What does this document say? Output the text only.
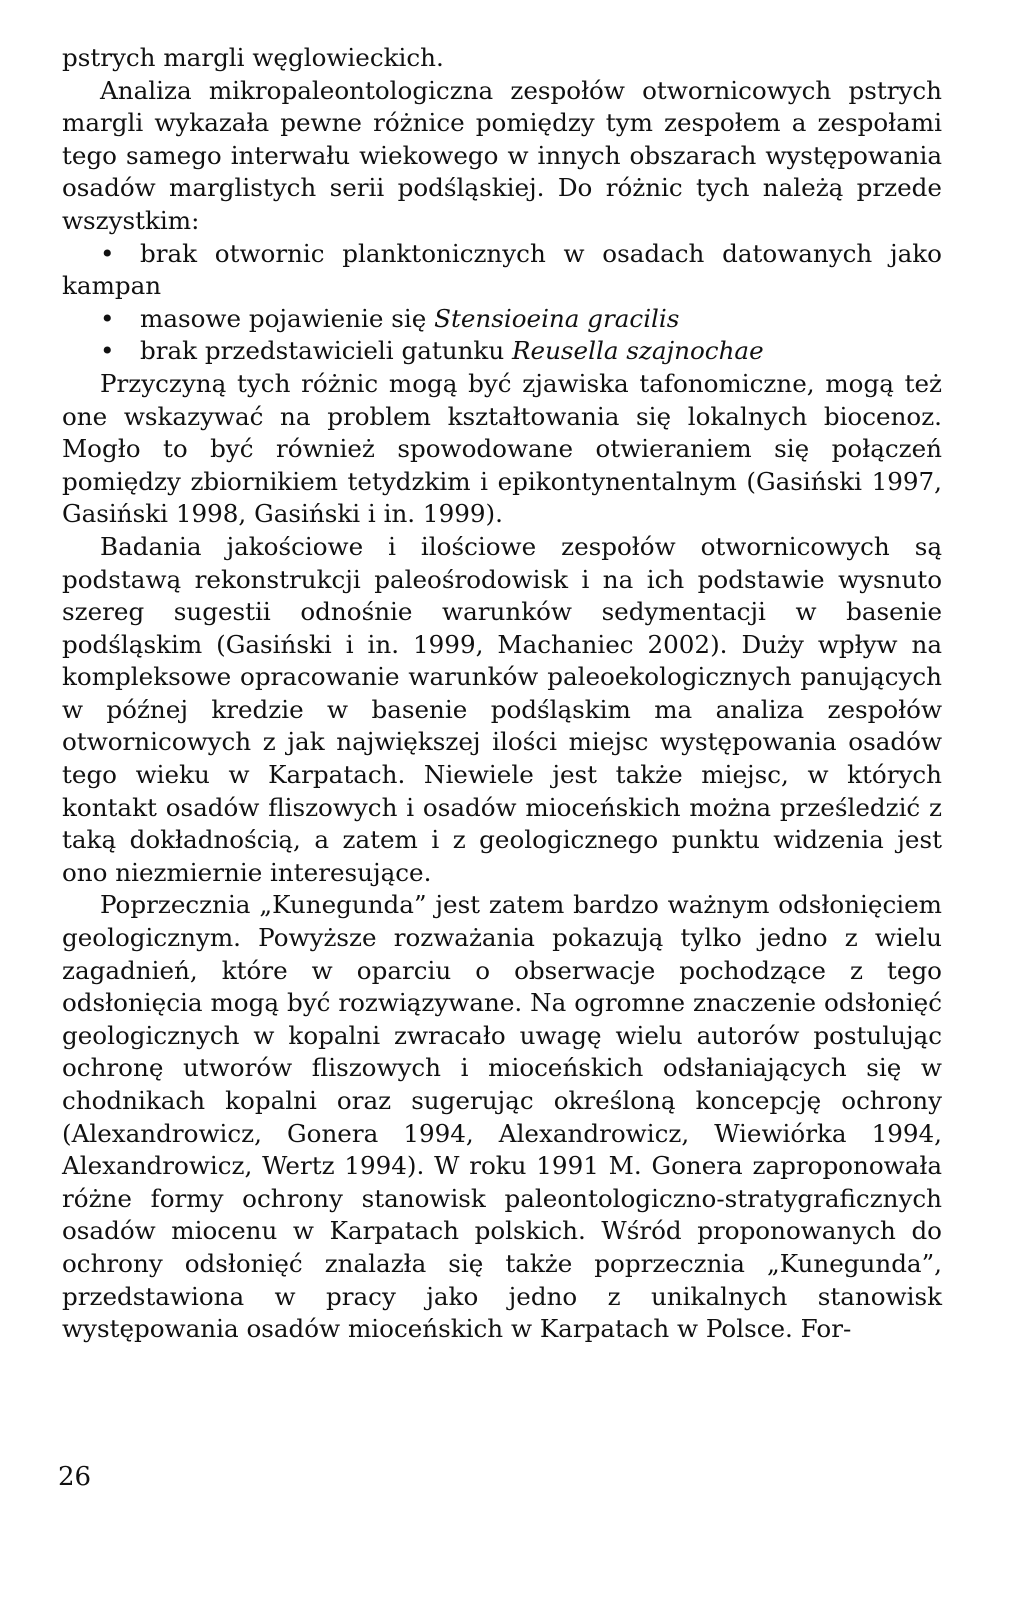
pstrych margli węglowieckich.

Analiza mikropaleontologiczna zespołów otwornicowych pstrych margli wykazała pewne różnice pomiędzy tym zespołem a zespołami tego samego interwału wiekowego w innych obszarach występowania osadów marglistych serii podśląskiej. Do różnic tych należą przede wszystkim:

• brak otwornic planktonicznych w osadach datowanych jako kampan

• masowe pojawienie się Stensioeina gracilis

• brak przedstawicieli gatunku Reusella szajnochae

Przyczyną tych różnic mogą być zjawiska tafonomiczne, mogą też one wskazywać na problem kształtowania się lokalnych biocenoz. Mogło to być również spowodowane otwieraniem się połączeń pomiędzy zbiornikiem tetydzkim i epikontynentalnym (Gasiński 1997, Gasiński 1998, Gasiński i in. 1999).

Badania jakościowe i ilościowe zespołów otwornicowych są podstawą rekonstrukcji paleośrodowisk i na ich podstawie wysnuto szereg sugestii odnośnie warunków sedymentacji w basenie podśląskim (Gasiński i in. 1999, Machaniec 2002). Duży wpływ na kompleksowe opracowanie warunków paleoekologicznych panujących w późnej kredzie w basenie podśląskim ma analiza zespołów otwornicowych z jak największej ilości miejsc występowania osadów tego wieku w Karpatach. Niewiele jest także miejsc, w których kontakt osadów fliszowych i osadów mioceńskich można prześledzić z taką dokładnością, a zatem i z geologicznego punktu widzenia jest ono niezmiernie interesujące.

Poprzecznia „Kunegunda” jest zatem bardzo ważnym odsłonięciem geologicznym. Powyższe rozważania pokazują tylko jedno z wielu zagadnień, które w oparciu o obserwacje pochodzące z tego odsłonięcia mogą być rozwiązywane. Na ogromne znaczenie odsłonięć geologicznych w kopalni zwracało uwagę wielu autorów postulując ochronę utworów fliszowych i mioceńskich odsłaniających się w chodnikach kopalni oraz sugerując określoną koncepcję ochrony (Alexandrowicz, Gonera 1994, Alexandrowicz, Wiewiórka 1994, Alexandrowicz, Wertz 1994). W roku 1991 M. Gonera zaproponowała różne formy ochrony stanowisk paleontologiczno-stratygraficznych osadów miocenu w Karpatach polskich. Wśród proponowanych do ochrony odsłonięć znalazła się także poprzecznia „Kunegunda”, przedstawiona w pracy jako jedno z unikalnych stanowisk występowania osadów mioceńskich w Karpatach w Polsce. For-

26
